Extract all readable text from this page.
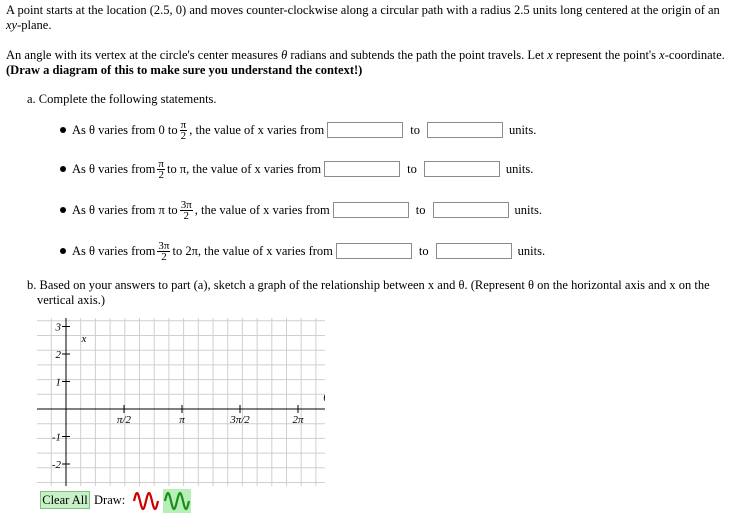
A point starts at the location (2.5, 0) and moves counter-clockwise along a circular path with a radius 2.5 units long centered at the origin of an
xy-plane.
An angle with its vertex at the circle's center measures θ radians and subtends the path the point travels. Let x represent the point's x-coordinate.
(Draw a diagram of this to make sure you understand the context!)
a. Complete the following statements.
As θ varies from 0 to $\frac{\pi}{2}$ , the value of x varies from	to	units.
As θ varies from $\frac{\pi}{2}$ to π, the value of x varies from	to	units.
As θ varies from π to $\frac{3\pi}{2}$ , the value of x varies from	to	units.
As θ varies from $\frac{3\pi}{2}$ to 2π, the value of x varies from	to	units.
b. Based on your answers to part (a), sketch a graph of the relationship between x and θ. (Represent θ on the horizontal axis and x on the
vertical axis.)
3
2
1
-1
-2
π/2	π	3π/2	2π
x
Clear All Draw:
